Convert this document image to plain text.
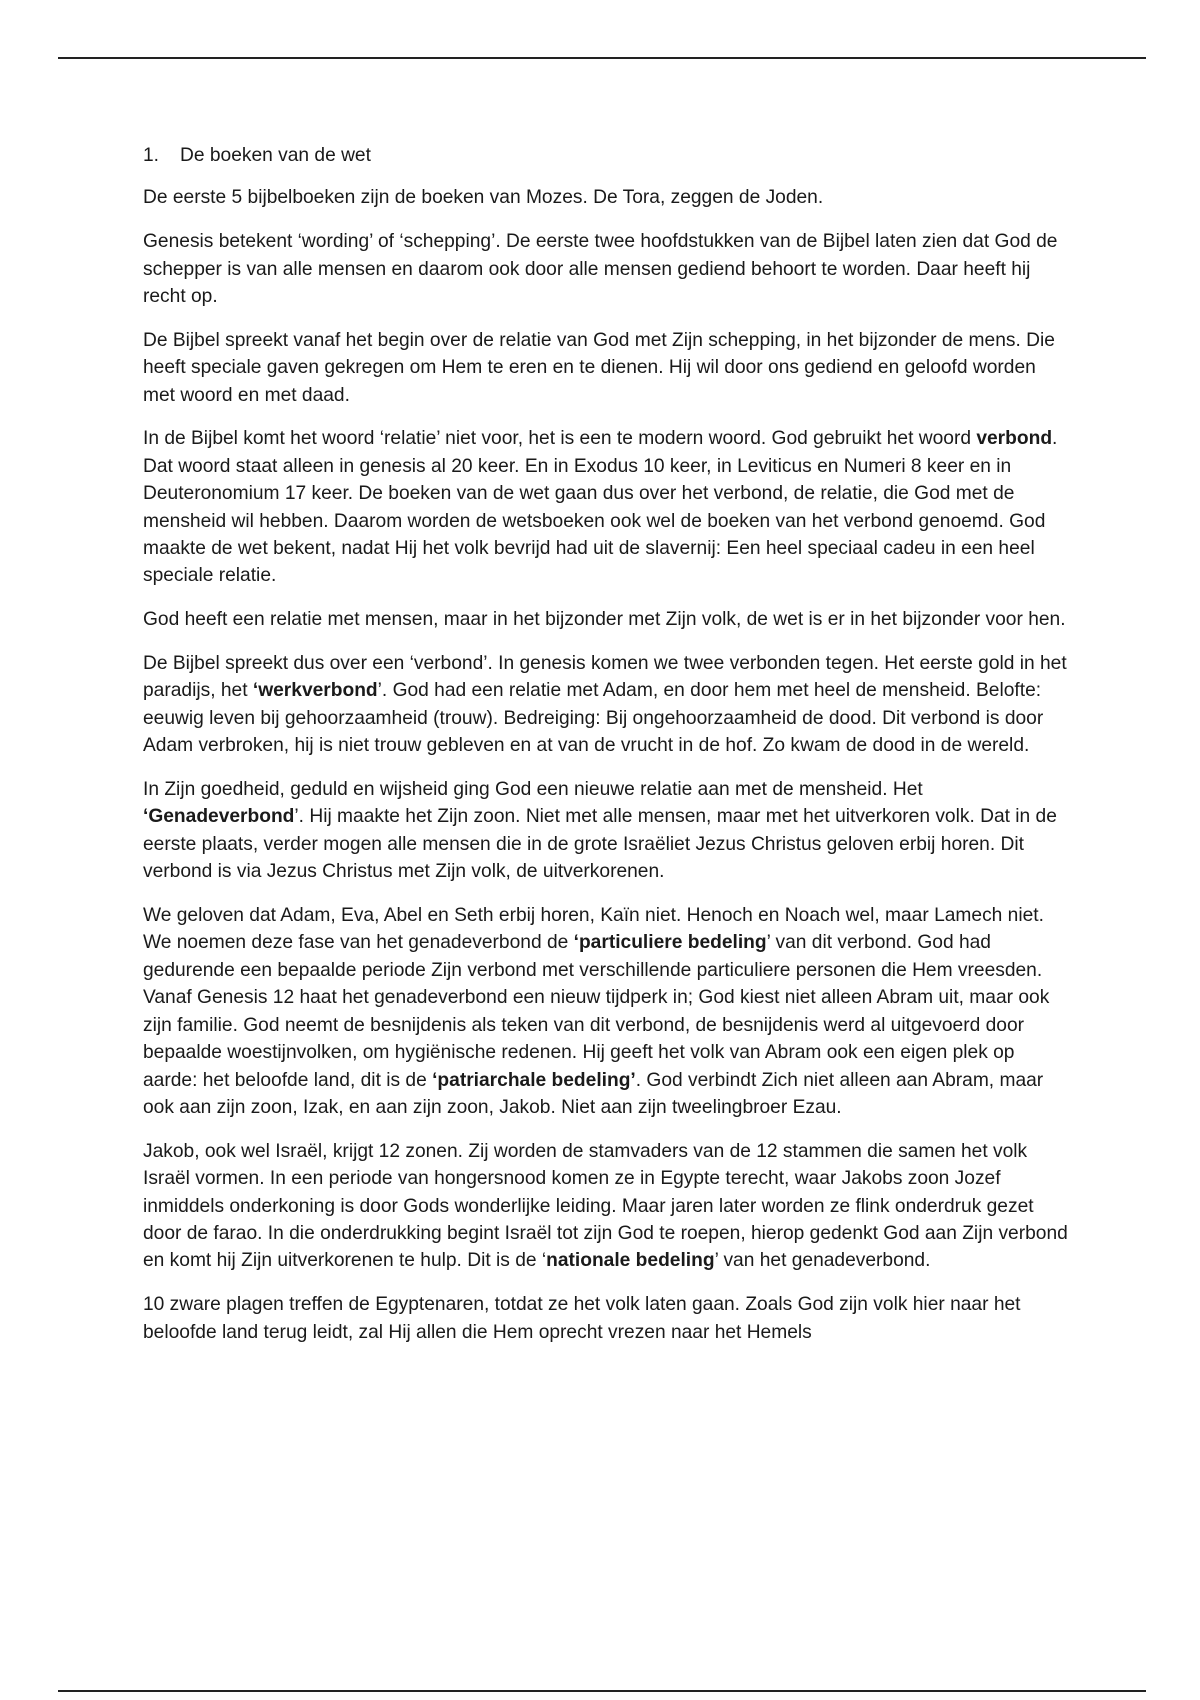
1.	De boeken van de wet

De eerste 5 bijbelboeken zijn de boeken van Mozes. De Tora, zeggen de Joden.

Genesis betekent ‘wording’ of ‘schepping’. De eerste twee hoofdstukken van de Bijbel laten zien dat God de schepper is van alle mensen en daarom ook door alle mensen gediend behoort te worden. Daar heeft hij recht op.

De Bijbel spreekt vanaf het begin over de relatie van God met Zijn schepping, in het bijzonder de mens. Die heeft speciale gaven gekregen om Hem te eren en te dienen. Hij wil door ons gediend en geloofd worden met woord en met daad.

In de Bijbel komt het woord ‘relatie’ niet voor, het is een te modern woord. God gebruikt het woord verbond. Dat woord staat alleen in genesis al 20 keer. En in Exodus 10 keer, in Leviticus en Numeri 8 keer en in Deuteronomium 17 keer. De boeken van de wet gaan dus over het verbond, de relatie, die God met de mensheid wil hebben. Daarom worden de wetsboeken ook wel de boeken van het verbond genoemd. God maakte de wet bekent, nadat Hij het volk bevrijd had uit de slavernij: Een heel speciaal cadeu in een heel speciale relatie.

God heeft een relatie met mensen, maar in het bijzonder met Zijn volk, de wet is er in het bijzonder voor hen.

De Bijbel spreekt dus over een ‘verbond’. In genesis komen we twee verbonden tegen. Het eerste gold in het paradijs, het ‘werkverbond’. God had een relatie met Adam, en door hem met heel de mensheid. Belofte: eeuwig leven bij gehoorzaamheid (trouw). Bedreiging: Bij ongehoorzaamheid de dood. Dit verbond is door Adam verbroken, hij is niet trouw gebleven en at van de vrucht in de hof. Zo kwam de dood in de wereld.

In Zijn goedheid, geduld en wijsheid ging God een nieuwe relatie aan met de mensheid. Het ‘Genadeverbond’. Hij maakte het Zijn zoon. Niet met alle mensen, maar met het uitverkoren volk. Dat in de eerste plaats, verder mogen alle mensen die in de grote Israëliet Jezus Christus geloven erbij horen. Dit verbond is via Jezus Christus met Zijn volk, de uitverkorenen.

We geloven dat Adam, Eva, Abel en Seth erbij horen, Kaïn niet. Henoch en Noach wel, maar Lamech niet. We noemen deze fase van het genadeverbond de ‘particuliere bedeling’ van dit verbond. God had gedurende een bepaalde periode Zijn verbond met verschillende particuliere personen die Hem vreesden. Vanaf Genesis 12 haat het genadeverbond een nieuw tijdperk in; God kiest niet alleen Abram uit, maar ook zijn familie. God neemt de besnijdenis als teken van dit verbond, de besnijdenis werd al uitgevoerd door bepaalde woestijnvolken, om hygiënische redenen. Hij geeft het volk van Abram ook een eigen plek op aarde: het beloofde land, dit is de ‘patriarchale bedeling’. God verbindt Zich niet alleen aan Abram, maar ook aan zijn zoon, Izak, en aan zijn zoon, Jakob. Niet aan zijn tweelingbroer Ezau.

Jakob, ook wel Israël, krijgt 12 zonen. Zij worden de stamvaders van de 12 stammen die samen het volk Israël vormen. In een periode van hongersnood komen ze in Egypte terecht, waar Jakobs zoon Jozef inmiddels onderkoning is door Gods wonderlijke leiding. Maar jaren later worden ze flink onderdruk gezet door de farao. In die onderdrukking begint Israël tot zijn God te roepen, hierop gedenkt God aan Zijn verbond en komt hij Zijn uitverkorenen te hulp. Dit is de ‘nationale bedeling’ van het genadeverbond.

10 zware plagen treffen de Egyptenaren, totdat ze het volk laten gaan. Zoals God zijn volk hier naar het beloofde land terug leidt, zal Hij allen die Hem oprecht vrezen naar het Hemels
